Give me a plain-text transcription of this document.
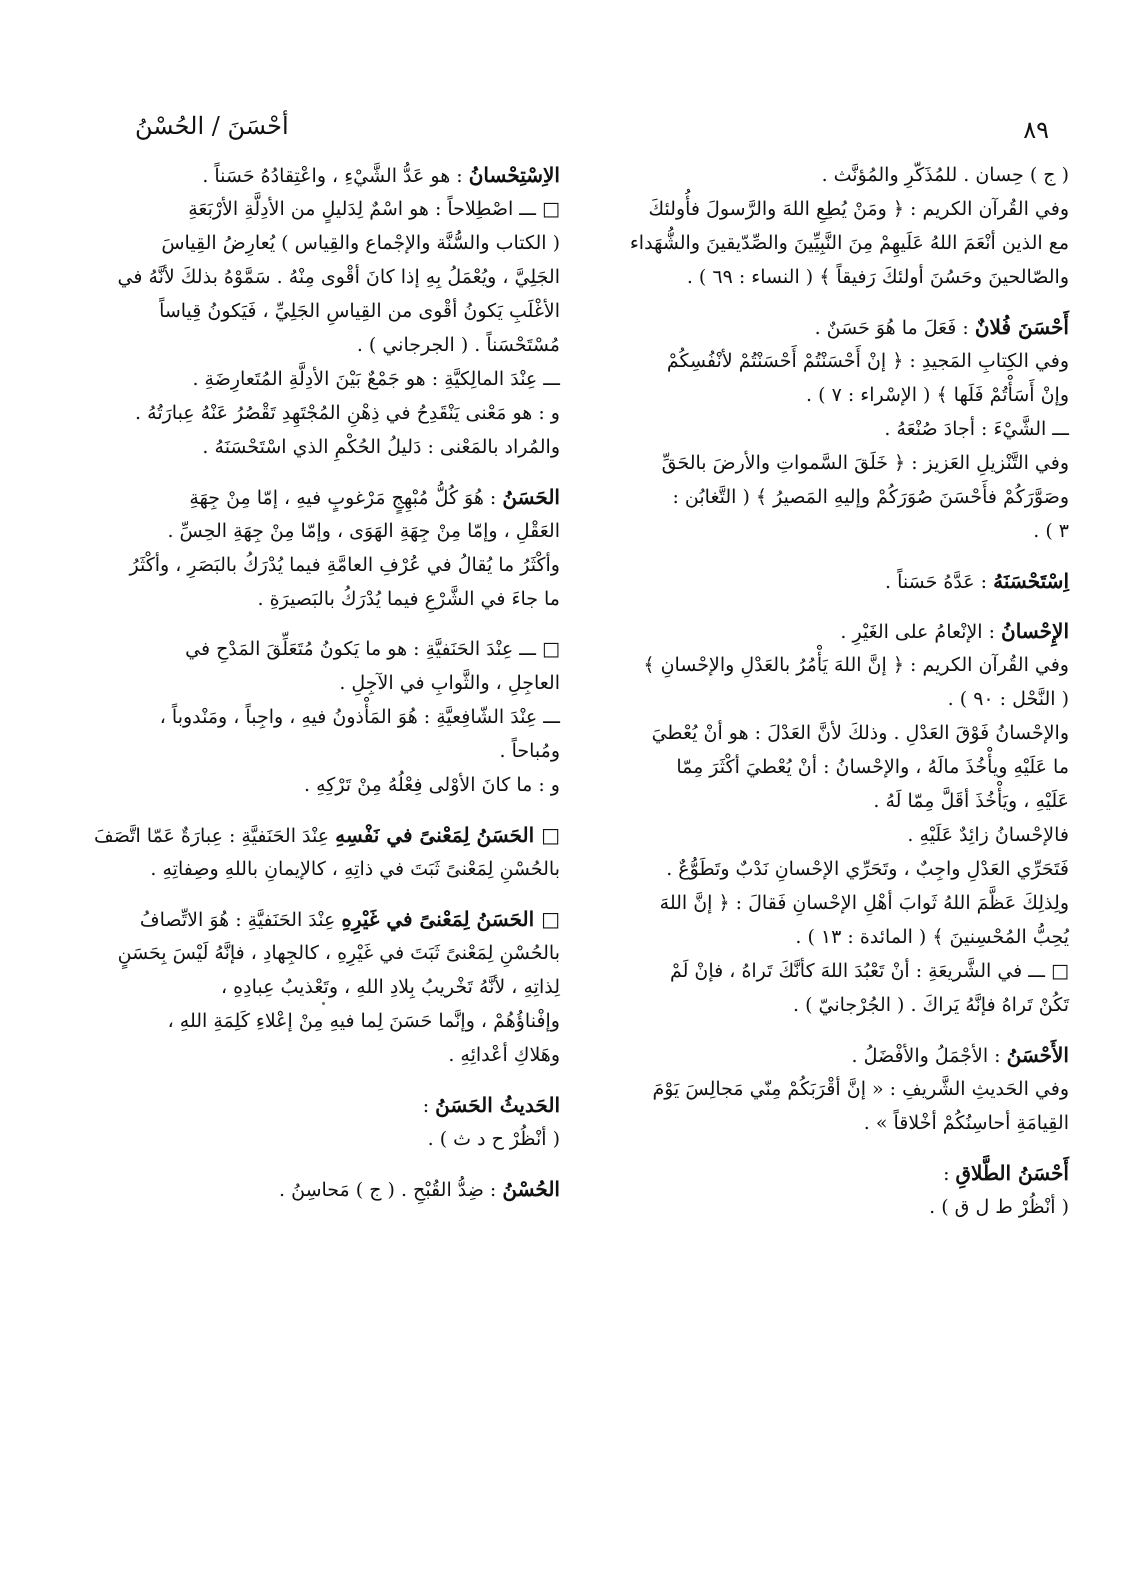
أحْسَنَ / الحُسْنُ	٨٩
( ج ) حِسان . للمُذَكّرِ والمُؤنَّث .
وفي القُرآن الكريم : ﴿ ومَنْ يُطِعِ اللهَ والرَّسولَ فأُولئكَ
مع الذين أنْعَمَ اللهُ عَلَيهِمْ مِنَ النَّبِيِّينَ والصِّدّيقينَ والشُّهَداء
والصّالحينَ وحَسُنَ أولئكَ رَفيقاً ﴾ ( النساء : ٦٩ ) .
أَحْسَنَ فُلانٌ : فَعَلَ ما هُوَ حَسَنٌ .
وفي الكِتابِ المَجيدِ : ﴿ إنْ أَحْسَنْتُمْ أَحْسَنْتُمْ لأنْفُسِكُمْ
وإنْ أَسَأْتُمْ فَلَها ﴾ ( الإسْراء : ٧ ) .
ـــ الشَّيْءَ : أجادَ صُنْعَهُ .
وفي التَّنْزيلِ العَزيز : ﴿ خَلَقَ السَّمواتِ والأرضَ بالحَقِّ
وصَوَّرَكُمْ فأَحْسَنَ صُوَرَكُمْ وإليهِ المَصيرُ ﴾ ( التَّغابُن :
٣ ) .
اِسْتَحْسَنَهُ : عَدَّهُ حَسَناً .
الإِحْسانُ : الإنْعامُ على الغَيْرِ .
وفي القُرآن الكريم : ﴿ إنَّ اللهَ يَأْمُرُ بالعَدْلِ والإحْسانِ ﴾
( النَّحْل : ٩٠ ) .
والإحْسانُ فَوْقَ العَدْلِ . وذلكَ لأنَّ العَدْلَ : هو أنْ يُعْطيَ
ما عَلَيْهِ ويأْخُذَ مالَهُ ، والإحْسانُ : أنْ يُعْطيَ أكْثَرَ مِمّا
عَلَيْهِ ، ويَأْخُذَ أقَلَّ مِمّا لَهُ .
فالإحْسانُ زائِدٌ عَلَيْهِ .
فَتَحَرِّي العَدْلِ واجِبٌ ، وتَحَرِّي الإحْسانِ نَدْبٌ وتَطَوُّعٌ .
ولِذلِكَ عَظَّمَ اللهُ ثَوابَ أهْلِ الإحْسانِ فَقالَ : ﴿ إنَّ اللهَ
يُحِبُّ المُحْسِنينَ ﴾ ( المائدة : ١٣ ) .
□ ـــ في الشَّريعَةِ : أنْ تَعْبُدَ اللهَ كأنَّكَ تَراهُ ، فإنْ لَمْ
تَكُنْ تَراهُ فإنَّهُ يَراكَ . ( الجُرْجانيّ ) .
الأَحْسَنُ : الأجْمَلُ والأفْضَلُ .
وفي الحَديثِ الشَّريفِ : « إنَّ أقْرَبَكُمْ مِنّي مَجالِسَ يَوْمَ
القِيامَةِ أحاسِنُكُمْ أخْلاقاً » .
أَحْسَنُ الطَّلاقِ :
( أنْظُرْ ط ل ق ) .
الاِسْتِحْسانُ : هو عَدُّ الشَّيْءِ ، واعْتِقادُهُ حَسَناً .
□ ـــ اصْطِلاحاً : هو اسْمٌ لِدَليلٍ من الأدِلَّةِ الأرْبَعَةِ
( الكتاب والسُّنَّة والإجْماع والقِياس ) يُعارِضُ القِياسَ
الجَلِيَّ ، ويُعْمَلُ بِهِ إذا كانَ أقْوى مِنْهُ . سَمَّوْهُ بذلكَ لأنَّهُ في
الأغْلَبِ يَكونُ أقْوى من القِياسِ الجَلِيِّ ، فَيَكونُ قِياساً
مُسْتَحْسَناً . ( الجرجاني ) .
ـــ عِنْدَ المالِكيَّةِ : هو جَمْعٌ بَيْنَ الأدِلَّةِ المُتَعارِضَةِ .
و : هو مَعْنى يَنْقَدِحُ في ذِهْنِ المُجْتَهِدِ تَقْصُرُ عَنْهُ عِبارَتُهُ .
والمُراد بالمَعْنى : دَليلُ الحُكْمِ الذي اسْتَحْسَنَهُ .
الحَسَنُ : هُوَ كُلُّ مُبْهِجٍ مَرْغوبٍ فيهِ ، إمّا مِنْ جِهَةِ
العَقْلِ ، وإمّا مِنْ جِهَةِ الهَوَى ، وإمّا مِنْ جِهَةِ الحِسِّ .
وأكْثَرُ ما يُقالُ في عُرْفِ العامَّةِ فيما يُدْرَكُ بالبَصَرِ ، وأكْثَرُ
ما جاءَ في الشَّرْعِ فيما يُدْرَكُ بالبَصيرَةِ .
□ ـــ عِنْدَ الحَنَفيَّةِ : هو ما يَكونُ مُتَعَلِّقَ المَدْحِ في
العاجِلِ ، والثَّوابِ في الآجِلِ .
ـــ عِنْدَ الشّافِعيَّةِ : هُوَ المَأْذونُ فيهِ ، واجِباً ، ومَنْدوباً ،
ومُباحاً .
و : ما كانَ الأوْلى فِعْلُهُ مِنْ تَرْكِهِ .
□ الحَسَنُ لِمَعْنىً في نَفْسِهِ عِنْدَ الحَنَفيَّةِ : عِبارَةٌ عَمّا اتَّصَفَ
بالحُسْنِ لِمَعْنىً ثَبَتَ في ذاتِهِ ، كالإيمانِ باللهِ وصِفاتِهِ .
□ الحَسَنُ لِمَعْنىً في غَيْرِهِ عِنْدَ الحَنَفيَّةِ : هُوَ الاتِّصافُ
بالحُسْنِ لِمَعْنىً ثَبَتَ في غَيْرِهِ ، كالجِهادِ ، فإنَّهُ لَيْسَ بِحَسَنٍ
لِذاتِهِ ، لأنَّهُ تَخْريبُ بِلادِ اللهِ ، وتَعْذيبُ عِبادِهِ ،
وإفْناؤُهُمْ ، وإنَّما حَسَنَ لِما فيهِ مِنْ إعْلاءِ كَلِمَةِ اللهِ ،
وهَلاكِ أعْدائِهِ .
الحَديثُ الحَسَنُ :
( أنْظُرْ ح د ث ) .
الحُسْنُ : ضِدُّ القُبْحِ . ( ج ) مَحاسِنُ .
